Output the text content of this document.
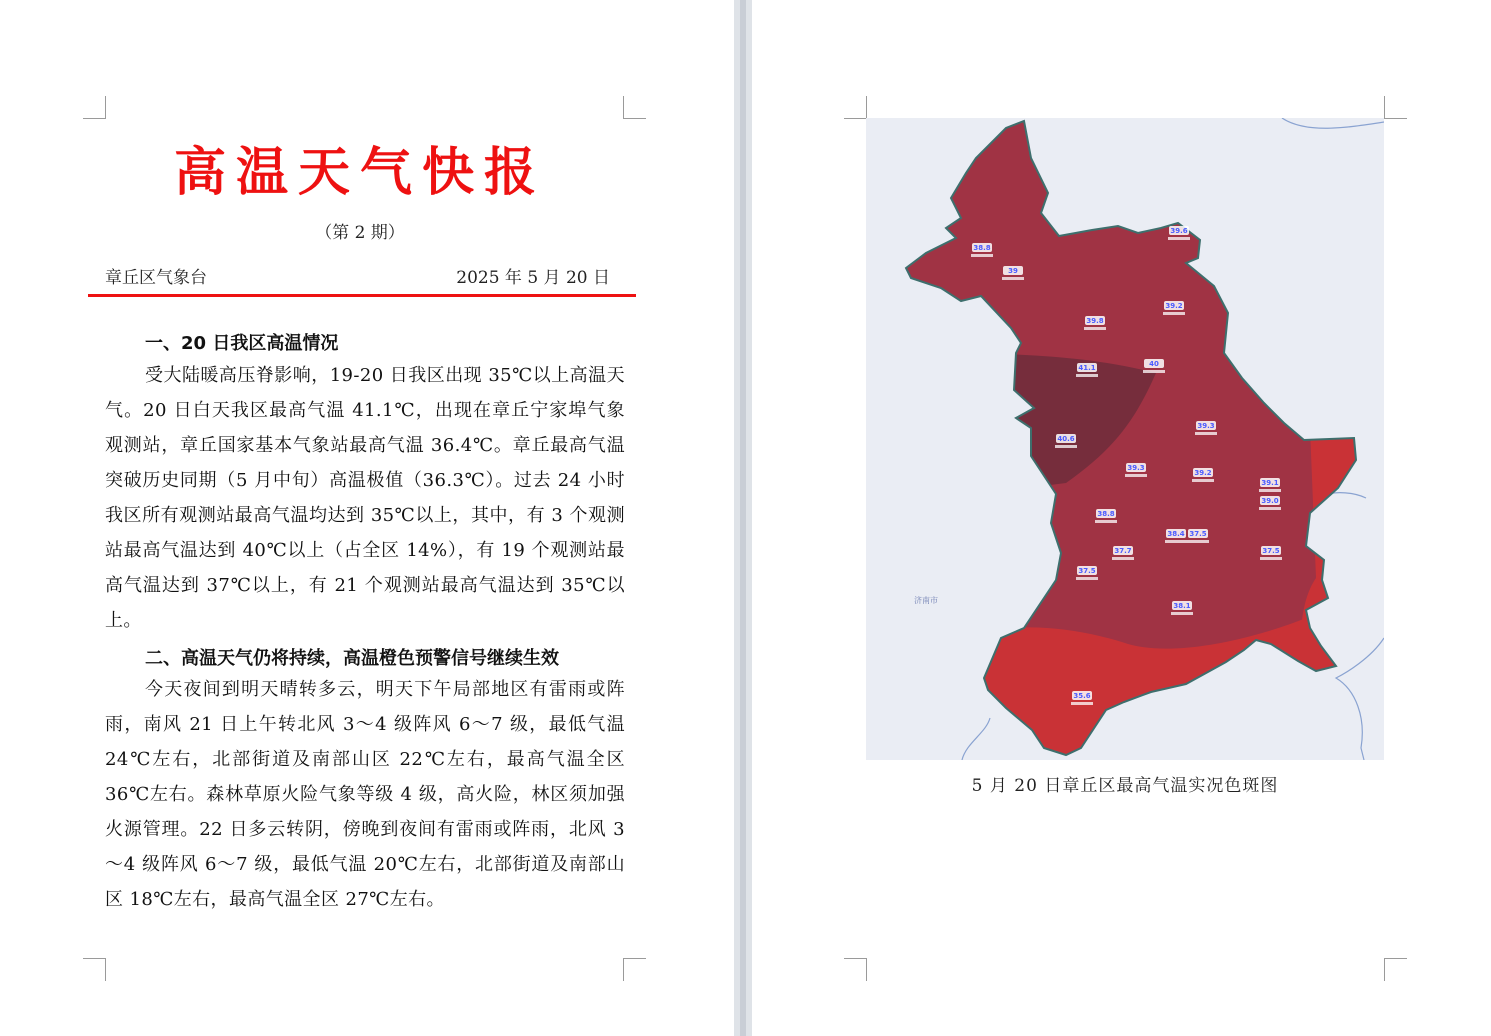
高温天气快报
（第 2 期）
章丘区气象台	2025 年 5 月 20 日
一、20 日我区高温情况
受大陆暖高压脊影响，19-20 日我区出现 35℃以上高温天气。20 日白天我区最高气温 41.1℃，出现在章丘宁家埠气象观测站，章丘国家基本气象站最高气温 36.4℃。章丘最高气温突破历史同期（5 月中旬）高温极值（36.3℃）。过去 24 小时我区所有观测站最高气温均达到 35℃以上，其中，有 3 个观测站最高气温达到 40℃以上（占全区 14%），有 19 个观测站最高气温达到 37℃以上，有 21 个观测站最高气温达到 35℃以上。
二、高温天气仍将持续，高温橙色预警信号继续生效
今天夜间到明天晴转多云，明天下午局部地区有雷雨或阵雨，南风 21 日上午转北风 3～4 级阵风 6～7 级，最低气温 24℃左右，北部街道及南部山区 22℃左右，最高气温全区 36℃左右。森林草原火险气象等级 4 级，高火险，林区须加强火源管理。22 日多云转阴，傍晚到夜间有雷雨或阵雨，北风 3～4 级阵风 6～7 级，最低气温 20℃左右，北部街道及南部山区 18℃左右，最高气温全区 27℃左右。
济南市
39.6
38.8
39
39.2
39.8
41.1	40
39.3
40.6
39.3
39.2
39.1
39.0
38.8
38.4 37.5
37.7	37.5
37.5
38.1
35.6
5 月 20 日章丘区最高气温实况色斑图
